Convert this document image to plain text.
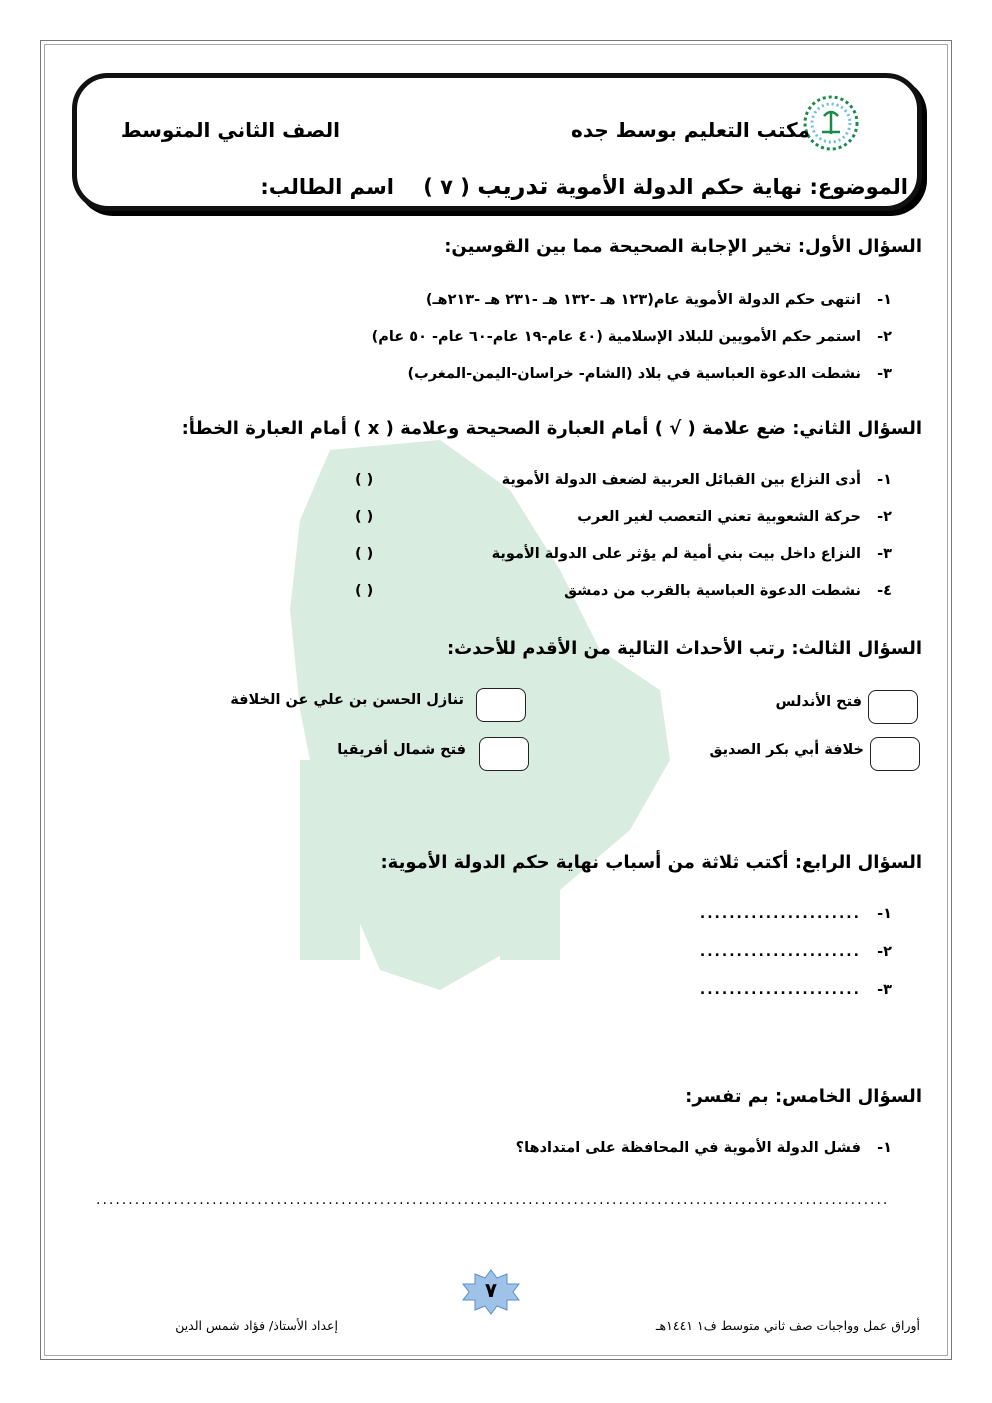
مكتب التعليم بوسط جده
الصف الثاني المتوسط
الموضوع: نهاية حكم الدولة الأموية تدريب ( ٧ )    اسم الطالب:
السؤال الأول: تخير الإجابة الصحيحة مما بين القوسين:
١- انتهى حكم الدولة الأموية عام(١٢٣ هـ -١٣٢ هـ -٢٣١ هـ -٢١٣هـ)
٢- استمر حكم الأمويين للبلاد الإسلامية (٤٠ عام-١٩ عام-٦٠ عام- ٥٠ عام)
٣- نشطت الدعوة العباسية في بلاد (الشام- خراسان-اليمن-المغرب)
السؤال الثاني: ضع علامة ( √ ) أمام العبارة الصحيحة وعلامة ( x ) أمام العبارة الخطأ:
١- أدى النزاع بين القبائل العربية لضعف الدولة الأموية
( )
٢- حركة الشعوبية تعني التعصب لغير العرب
( )
٣- النزاع داخل بيت بني أمية لم يؤثر على الدولة الأموية
( )
٤- نشطت الدعوة العباسية بالقرب من دمشق
( )
السؤال الثالث: رتب الأحداث التالية من الأقدم للأحدث:
فتح الأندلس
تنازل الحسن بن علي عن الخلافة
خلافة أبي بكر الصديق
فتح شمال أفريقيا
السؤال الرابع: أكتب ثلاثة من أسباب نهاية حكم الدولة الأموية:
١- ......................
٢- ......................
٣- ......................
السؤال الخامس: بم تفسر:
١- فشل الدولة الأموية في المحافظة على امتدادها؟
...........................................................................................................................
٧
أوراق عمل وواجبات صف ثاني متوسط ف١ ١٤٤١هـ
إعداد الأستاذ/ فؤاد شمس الدين
